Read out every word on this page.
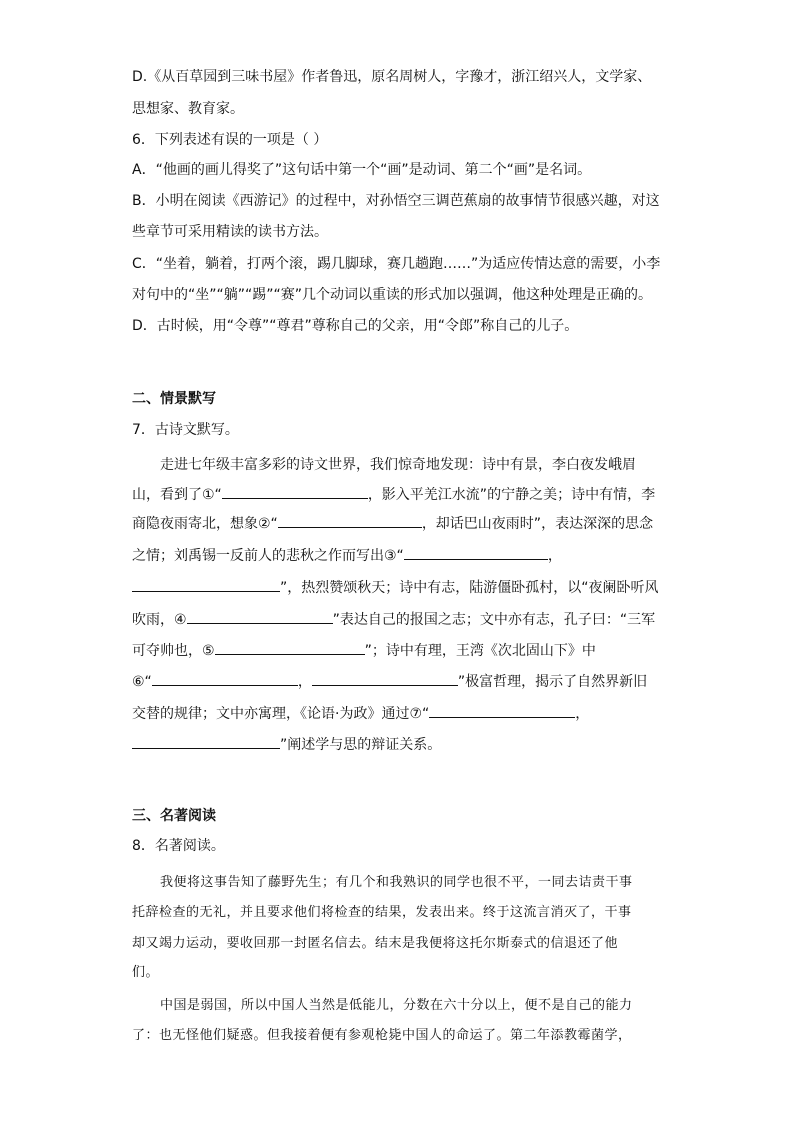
D.《从百草园到三味书屋》作者鲁迅，原名周树人，字豫才，浙江绍兴人，文学家、
思想家、教育家。
6．下列表述有误的一项是（ ）
A．“他画的画儿得奖了”这句话中第一个“画”是动词、第二个“画”是名词。
B．小明在阅读《西游记》的过程中，对孙悟空三调芭蕉扇的故事情节很感兴趣，对这
些章节可采用精读的读书方法。
C．“坐着，躺着，打两个滚，踢几脚球，赛几趟跑……”为适应传情达意的需要，小李
对句中的“坐”“躺”“踢”“赛”几个动词以重读的形式加以强调，他这种处理是正确的。
D．古时候，用“令尊”“尊君”尊称自己的父亲，用“令郎”称自己的儿子。
二、情景默写
7．古诗文默写。
走进七年级丰富多彩的诗文世界，我们惊奇地发现：诗中有景，李白夜发峨眉
山，看到了①“	，影入平羌江水流”的宁静之美；诗中有情，李
商隐夜雨寄北，想象②“	，却话巴山夜雨时”，表达深深的思念
之情；刘禹锡一反前人的悲秋之作而写出③“	，
”，热烈赞颂秋天；诗中有志，陆游僵卧孤村，以“夜阑卧听风
吹雨，④	”表达自己的报国之志；文中亦有志，孔子曰：“三军
可夺帅也，⑤	”；诗中有理，王湾《次北固山下》中
⑥“	，	”极富哲理，揭示了自然界新旧
交替的规律；文中亦寓理，《论语·为政》通过⑦“	，
”阐述学与思的辩证关系。
三、名著阅读
8．名著阅读。
我便将这事告知了藤野先生；有几个和我熟识的同学也很不平，一同去诘责干事
托辞检查的无礼，并且要求他们将检查的结果，发表出来。终于这流言消灭了，干事
却又竭力运动，要收回那一封匿名信去。结末是我便将这托尔斯泰式的信退还了他
们。
中国是弱国，所以中国人当然是低能儿，分数在六十分以上，便不是自己的能力
了：也无怪他们疑惑。但我接着便有参观枪毙中国人的命运了。第二年添教霉菌学，
